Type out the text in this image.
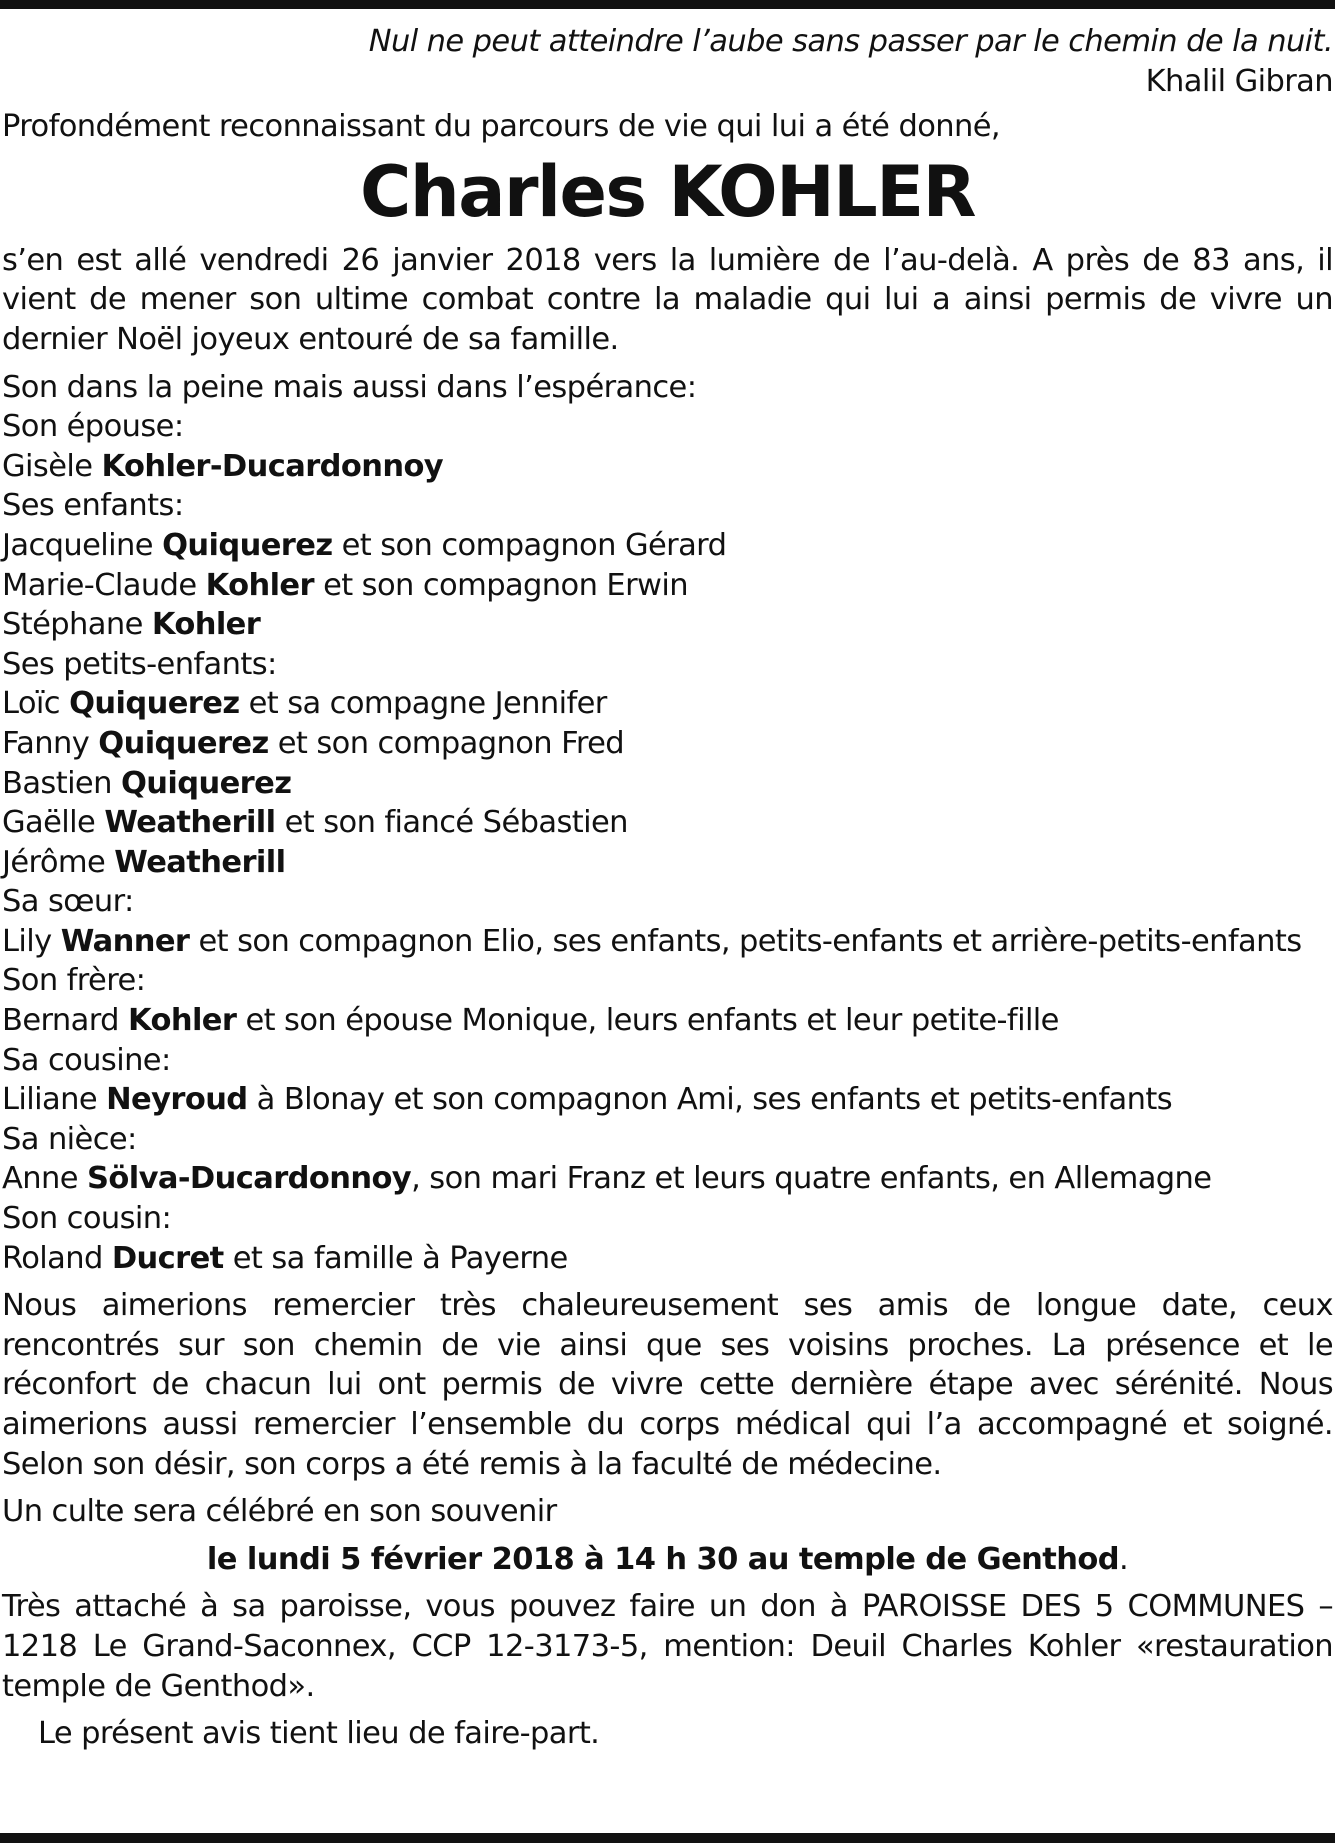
Nul ne peut atteindre l’aube sans passer par le chemin de la nuit.
Khalil Gibran
Profondément reconnaissant du parcours de vie qui lui a été donné,
Charles KOHLER
s’en est allé vendredi 26 janvier 2018 vers la lumière de l’au-delà. A près de 83 ans, il vient de mener son ultime combat contre la maladie qui lui a ainsi permis de vivre un dernier Noël joyeux entouré de sa famille.
Son dans la peine mais aussi dans l’espérance:
Son épouse:
Gisèle Kohler-Ducardonnoy
Ses enfants:
Jacqueline Quiquerez et son compagnon Gérard
Marie-Claude Kohler et son compagnon Erwin
Stéphane Kohler
Ses petits-enfants:
Loïc Quiquerez et sa compagne Jennifer
Fanny Quiquerez et son compagnon Fred
Bastien Quiquerez
Gaëlle Weatherill et son fiancé Sébastien
Jérôme Weatherill
Sa sœur:
Lily Wanner et son compagnon Elio, ses enfants, petits-enfants et arrière-petits-enfants
Son frère:
Bernard Kohler et son épouse Monique, leurs enfants et leur petite-fille
Sa cousine:
Liliane Neyroud à Blonay et son compagnon Ami, ses enfants et petits-enfants
Sa nièce:
Anne Sölva-Ducardonnoy, son mari Franz et leurs quatre enfants, en Allemagne
Son cousin:
Roland Ducret et sa famille à Payerne
Nous aimerions remercier très chaleureusement ses amis de longue date, ceux rencontrés sur son chemin de vie ainsi que ses voisins proches. La présence et le réconfort de chacun lui ont permis de vivre cette dernière étape avec sérénité. Nous aimerions aussi remercier l’ensemble du corps médical qui l’a accompagné et soigné. Selon son désir, son corps a été remis à la faculté de médecine.
Un culte sera célébré en son souvenir
le lundi 5 février 2018 à 14 h 30 au temple de Genthod.
Très attaché à sa paroisse, vous pouvez faire un don à PAROISSE DES 5 COMMUNES – 1218 Le Grand-Saconnex, CCP 12-3173-5, mention: Deuil Charles Kohler «restauration temple de Genthod».
Le présent avis tient lieu de faire-part.
